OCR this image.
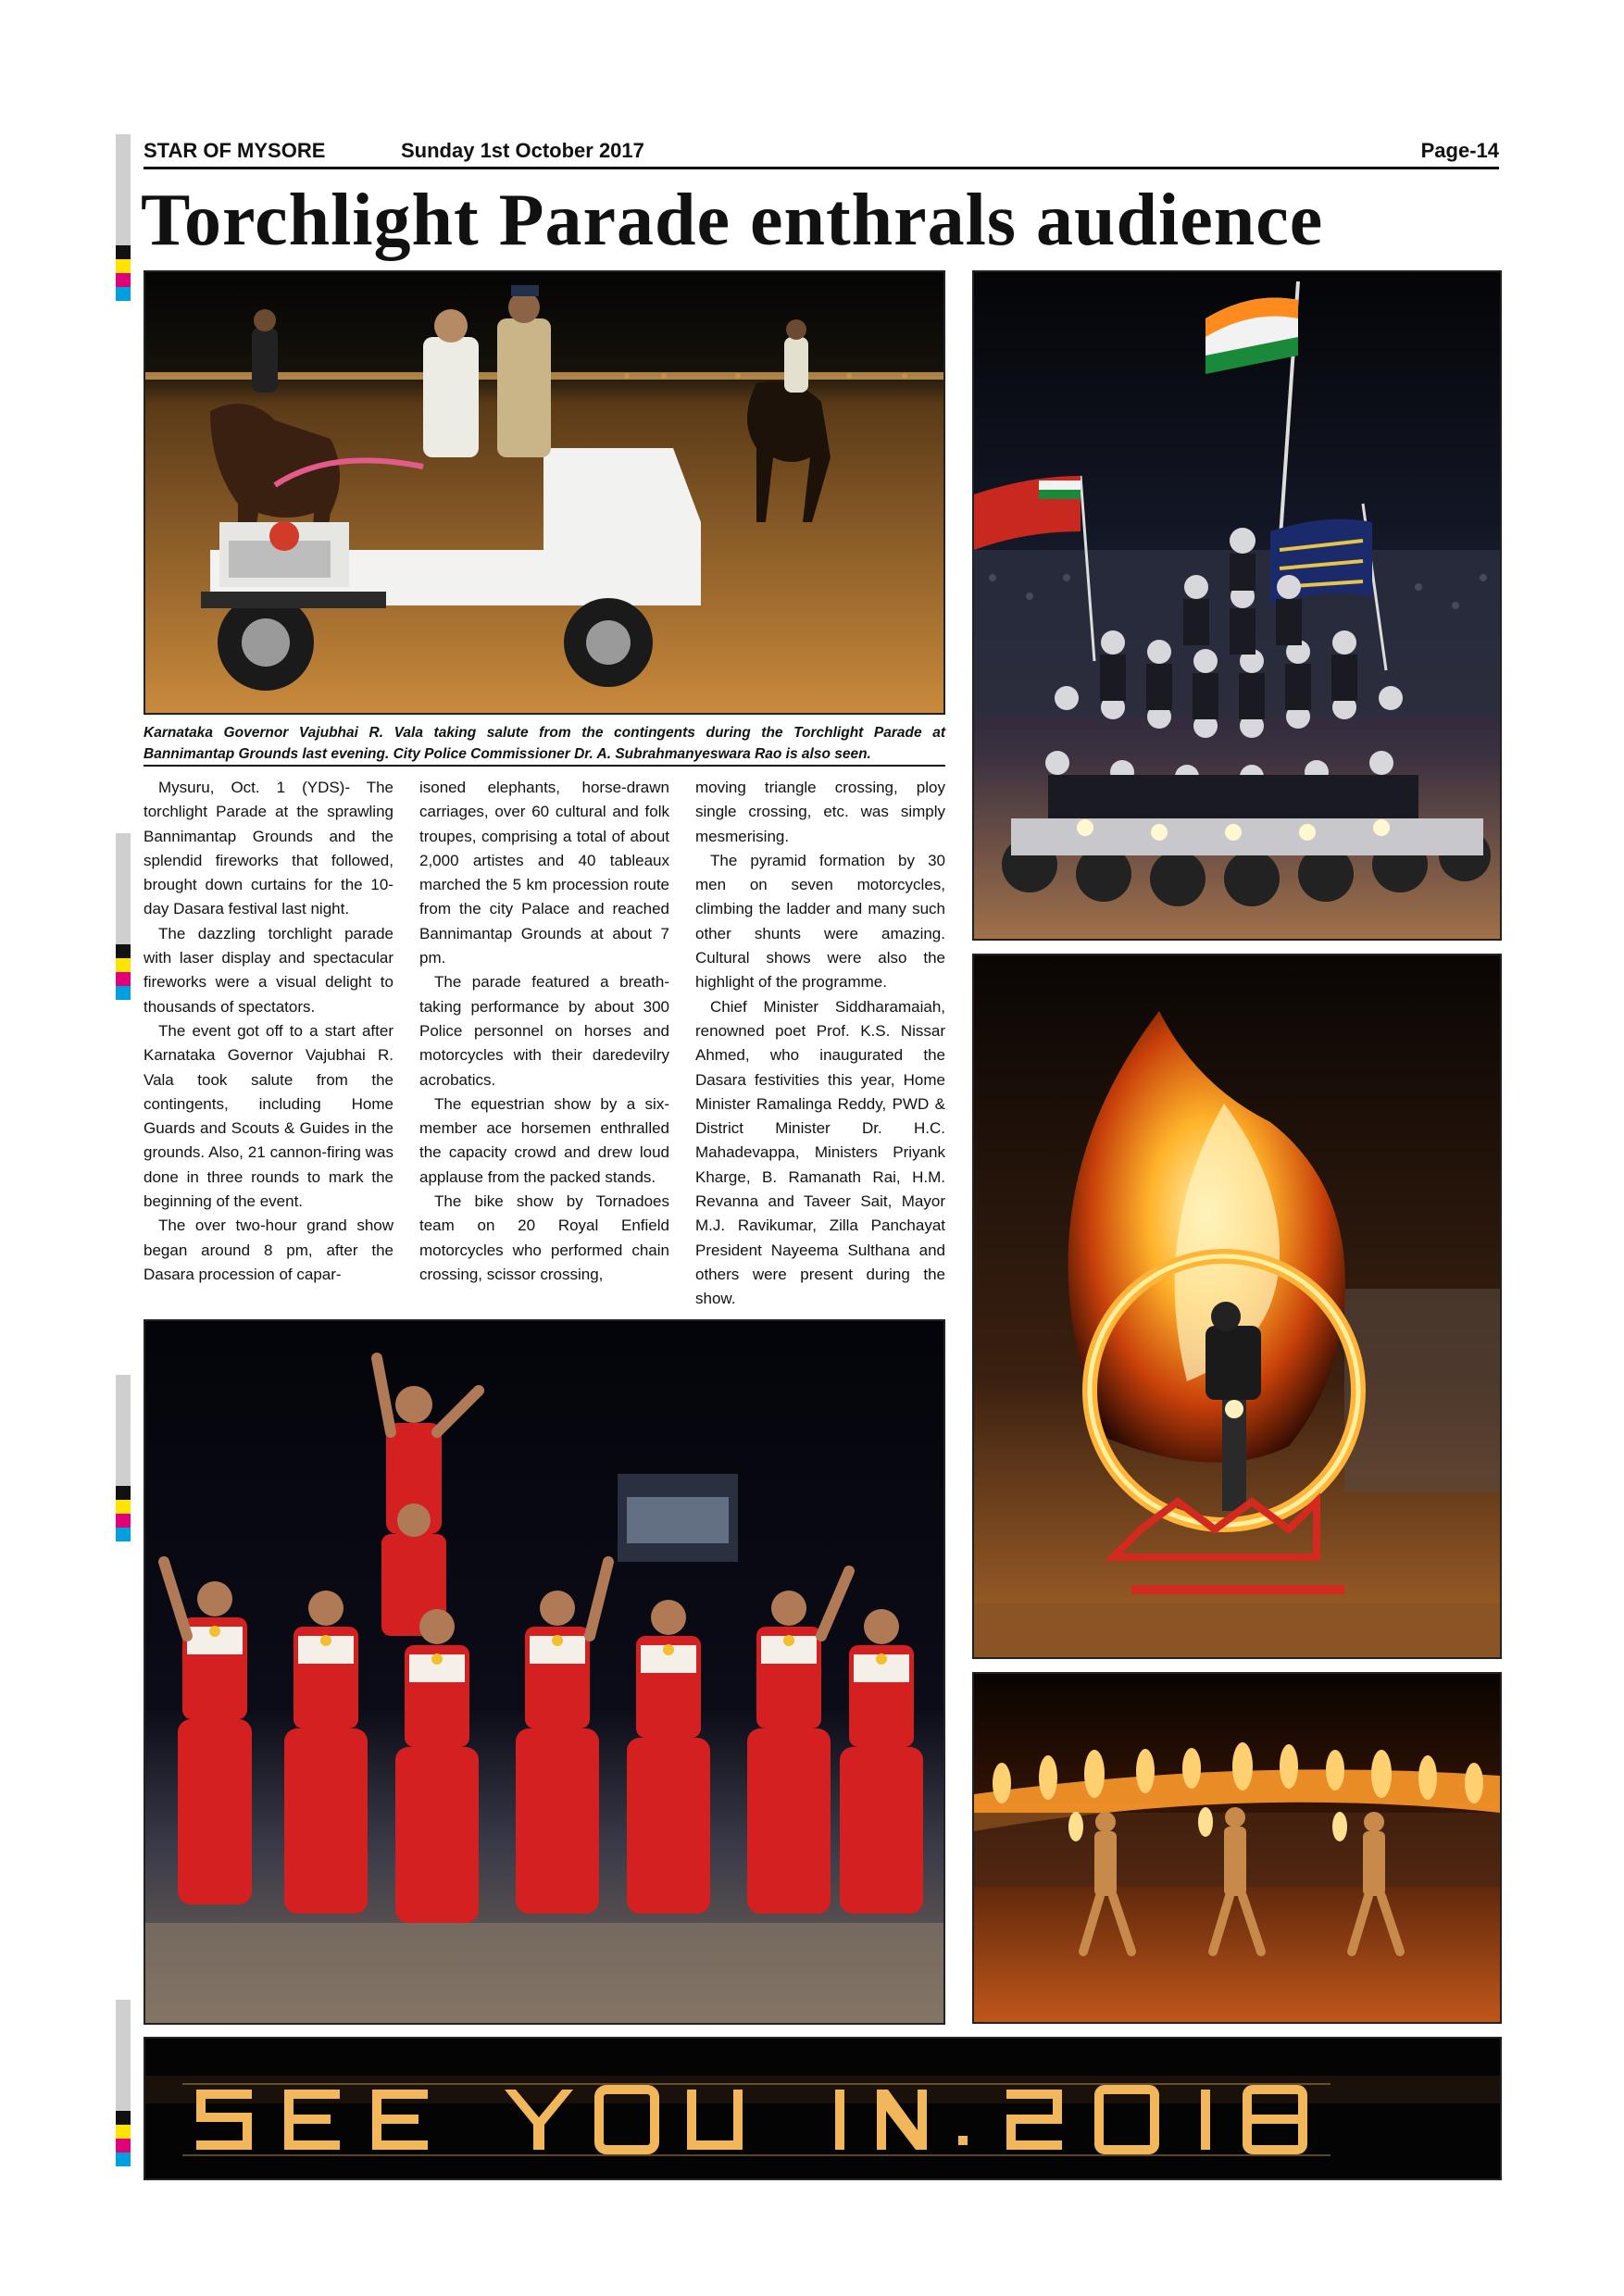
STAR OF MYSORE	Sunday 1st October 2017	Page-14
Torchlight Parade enthrals audience
Karnataka Governor Vajubhai R. Vala taking salute from the contingents during the Torchlight Parade at Bannimantap Grounds last evening. City Police Commissioner Dr. A. Subrahmanyeswara Rao is also seen.

Mysuru, Oct. 1 (YDS)- The torchlight Parade at the sprawling Bannimantap Grounds and the splendid fireworks that followed, brought down curtains for the 10-day Dasara festival last night.

The dazzling torchlight parade with laser display and spectacular fireworks were a visual delight to thousands of spectators.

The event got off to a start after Karnataka Governor Vajubhai R. Vala took salute from the contingents, including Home Guards and Scouts & Guides in the grounds. Also, 21 cannon-firing was done in three rounds to mark the beginning of the event.

The over two-hour grand show began around 8 pm, after the Dasara procession of capar-

isoned elephants, horse-drawn carriages, over 60 cultural and folk troupes, comprising a total of about 2,000 artistes and 40 tableaux marched the 5 km procession route from the city Palace and reached Bannimantap Grounds at about 7 pm.

The parade featured a breath-taking performance by about 300 Police personnel on horses and motorcycles with their daredevilry acrobatics.

The equestrian show by a six-member ace horsemen enthralled the capacity crowd and drew loud applause from the packed stands.

The bike show by Tornadoes team on 20 Royal Enfield motorcycles who performed chain crossing, scissor crossing,

moving triangle crossing, ploy single crossing, etc. was simply mesmerising.

The pyramid formation by 30 men on seven motorcycles, climbing the ladder and many such other shunts were amazing. Cultural shows were also the highlight of the programme.

Chief Minister Siddharamaiah, renowned poet Prof. K.S. Nissar Ahmed, who inaugurated the Dasara festivities this year, Home Minister Ramalinga Reddy, PWD & District Minister Dr. H.C. Mahadevappa, Ministers Priyank Kharge, B. Ramanath Rai, H.M. Revanna and Taveer Sait, Mayor M.J. Ravikumar, Zilla Panchayat President Nayeema Sulthana and others were present during the show.
